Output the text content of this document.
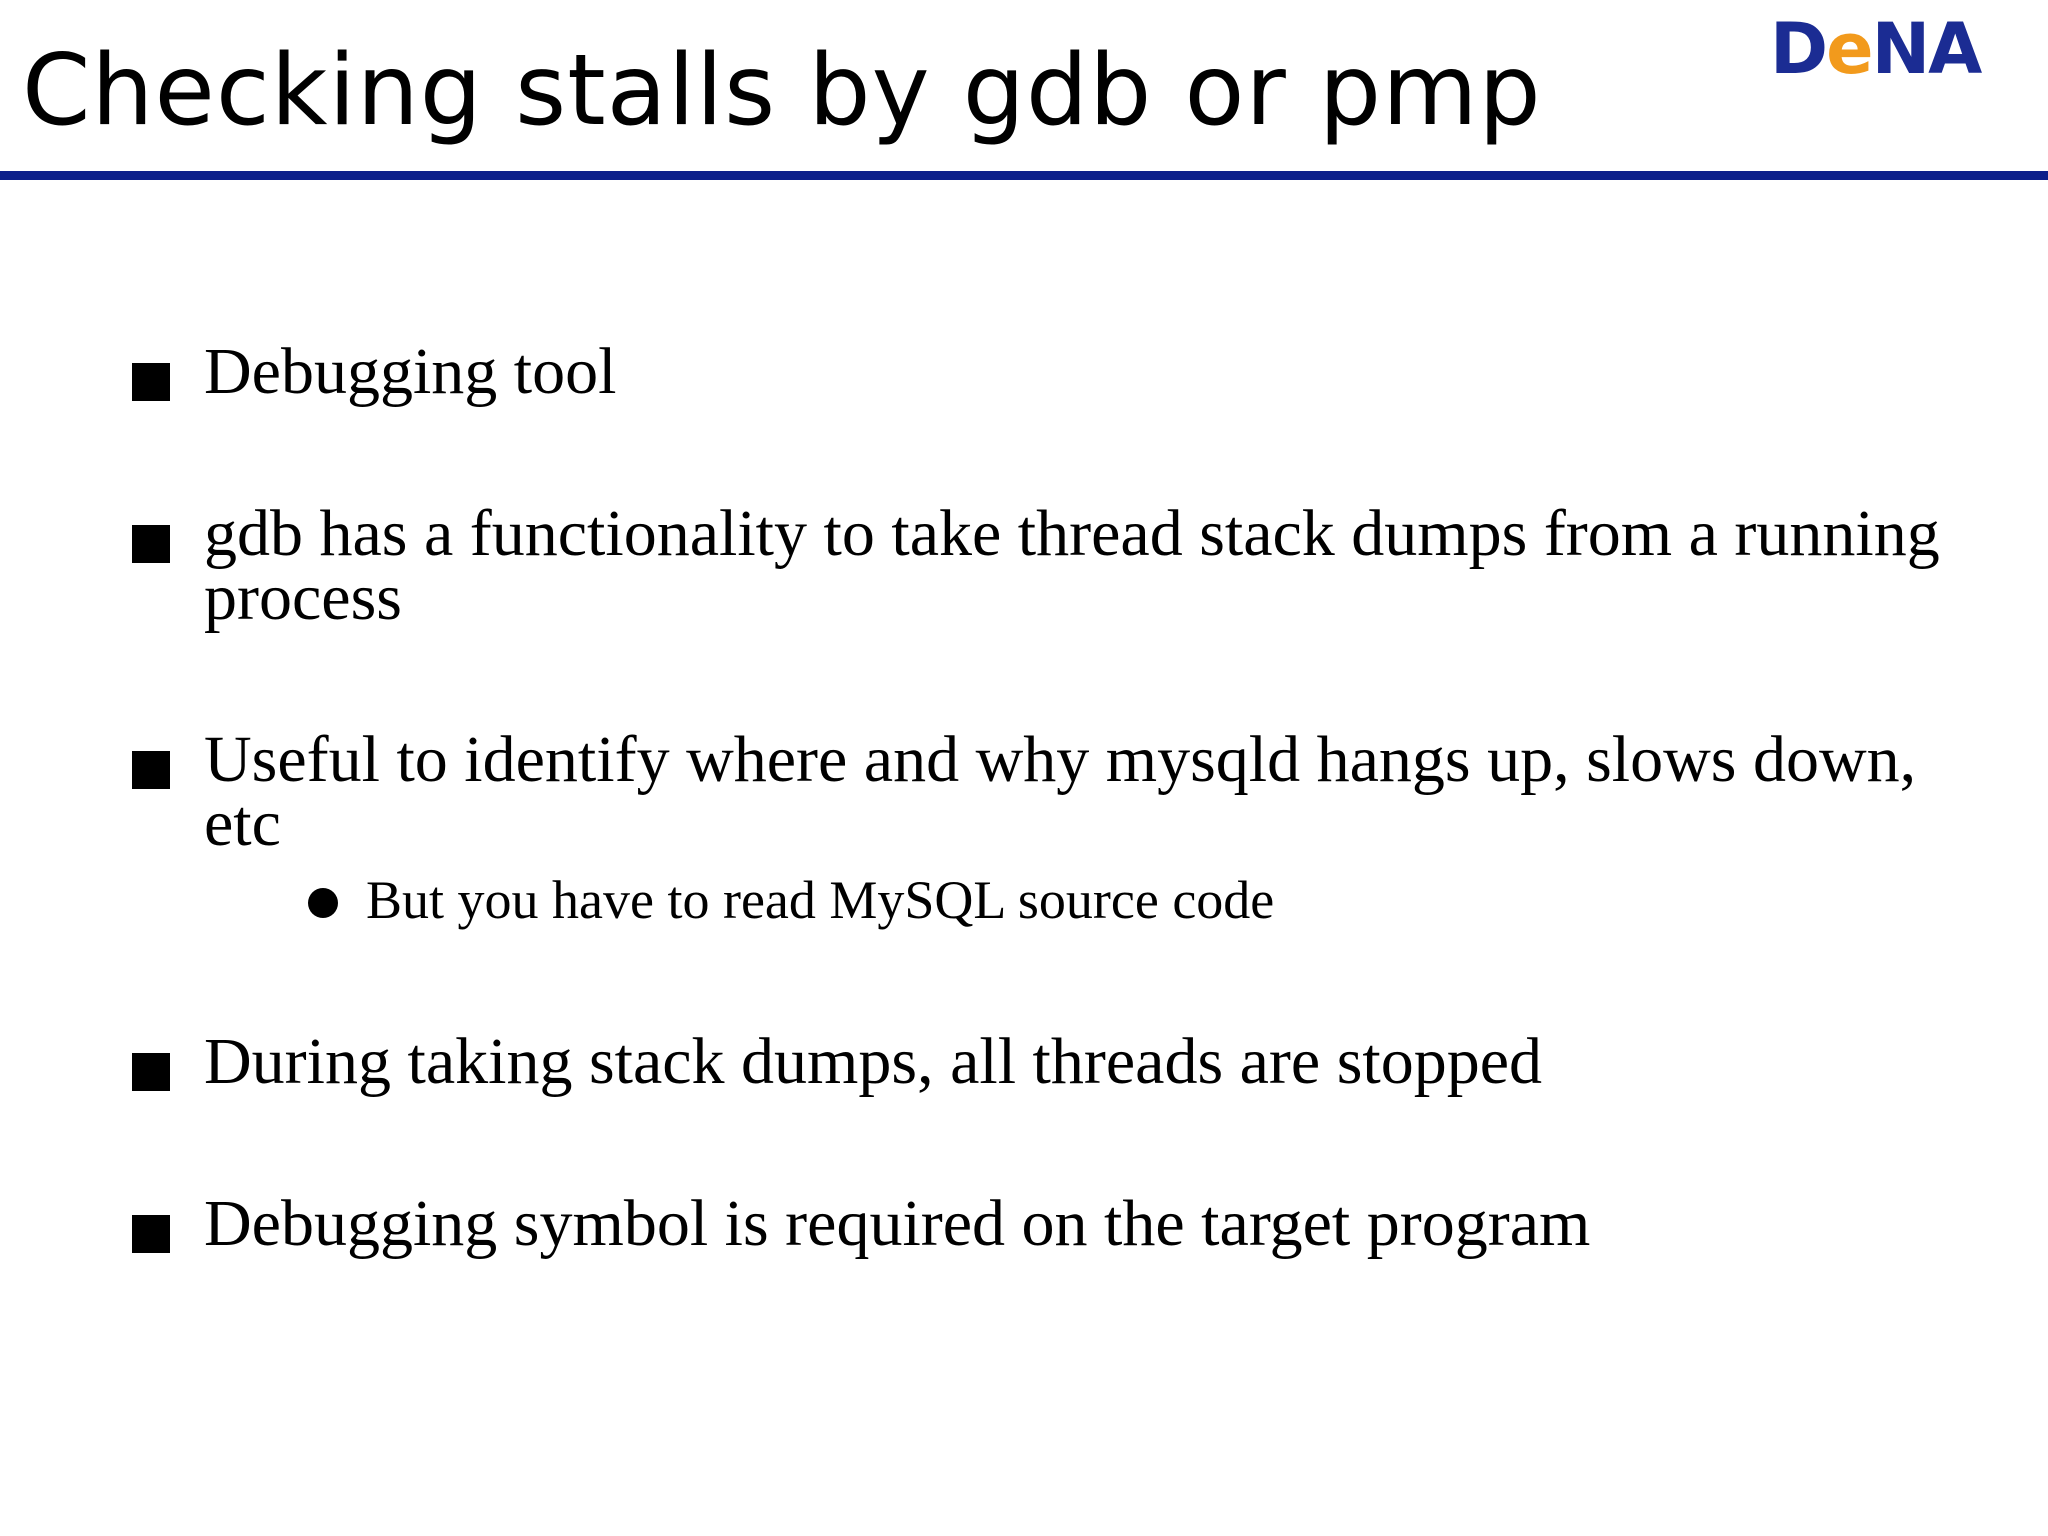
Checking stalls by gdb or pmp	DeNA
Debugging tool
gdb has a functionality to take thread stack dumps from a running process
Useful to identify where and why mysqld hangs up, slows down, etc
But you have to read MySQL source code
During taking stack dumps, all threads are stopped
Debugging symbol is required on the target program
